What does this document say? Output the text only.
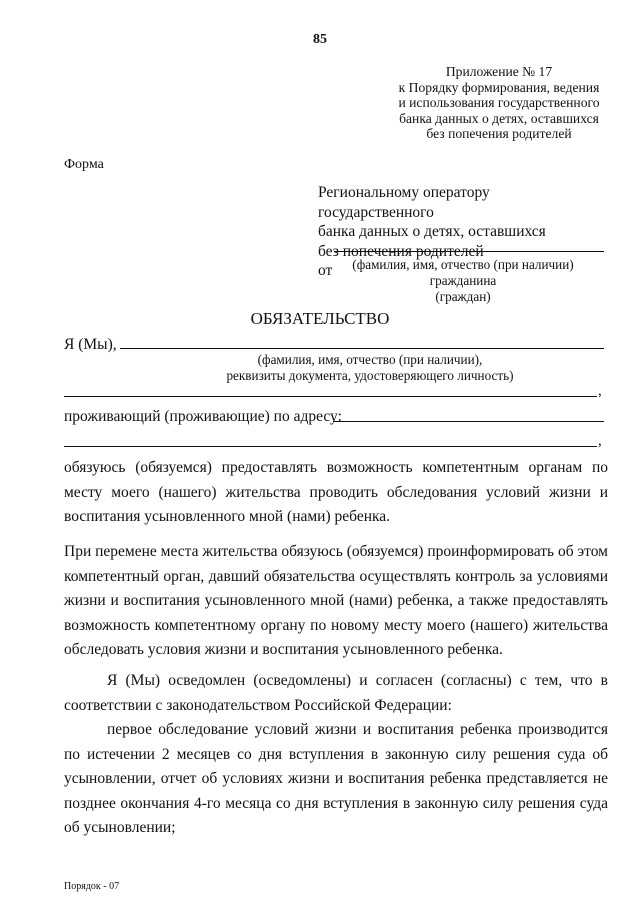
85
Приложение № 17
к Порядку формирования, ведения
и использования государственного
банка данных о детях, оставшихся
без попечения родителей
Форма
Региональному оператору государственного
банка данных о детях, оставшихся
без попечения родителей
от	(фамилия, имя, отчество (при наличии) гражданина
(граждан)
ОБЯЗАТЕЛЬСТВО
Я (Мы),
(фамилия, имя, отчество (при наличии),
реквизиты документа, удостоверяющего личность)
,
проживающий (проживающие) по адресу:
,
обязуюсь (обязуемся) предоставлять возможность компетентным органам по месту моего (нашего) жительства проводить обследования условий жизни и воспитания усыновленного мной (нами) ребенка.
При перемене места жительства обязуюсь (обязуемся) проинформировать об этом компетентный орган, давший обязательства осуществлять контроль за условиями жизни и воспитания усыновленного мной (нами) ребенка, а также предоставлять возможность компетентному органу по новому месту моего (нашего) жительства обследовать условия жизни и воспитания усыновленного ребенка.
Я (Мы) осведомлен (осведомлены) и согласен (согласны) с тем, что в соответствии с законодательством Российской Федерации:
первое обследование условий жизни и воспитания ребенка производится по истечении 2 месяцев со дня вступления в законную силу решения суда об усыновлении, отчет об условиях жизни и воспитания ребенка представляется не позднее окончания 4-го месяца со дня вступления в законную силу решения суда об усыновлении;
Порядок - 07
